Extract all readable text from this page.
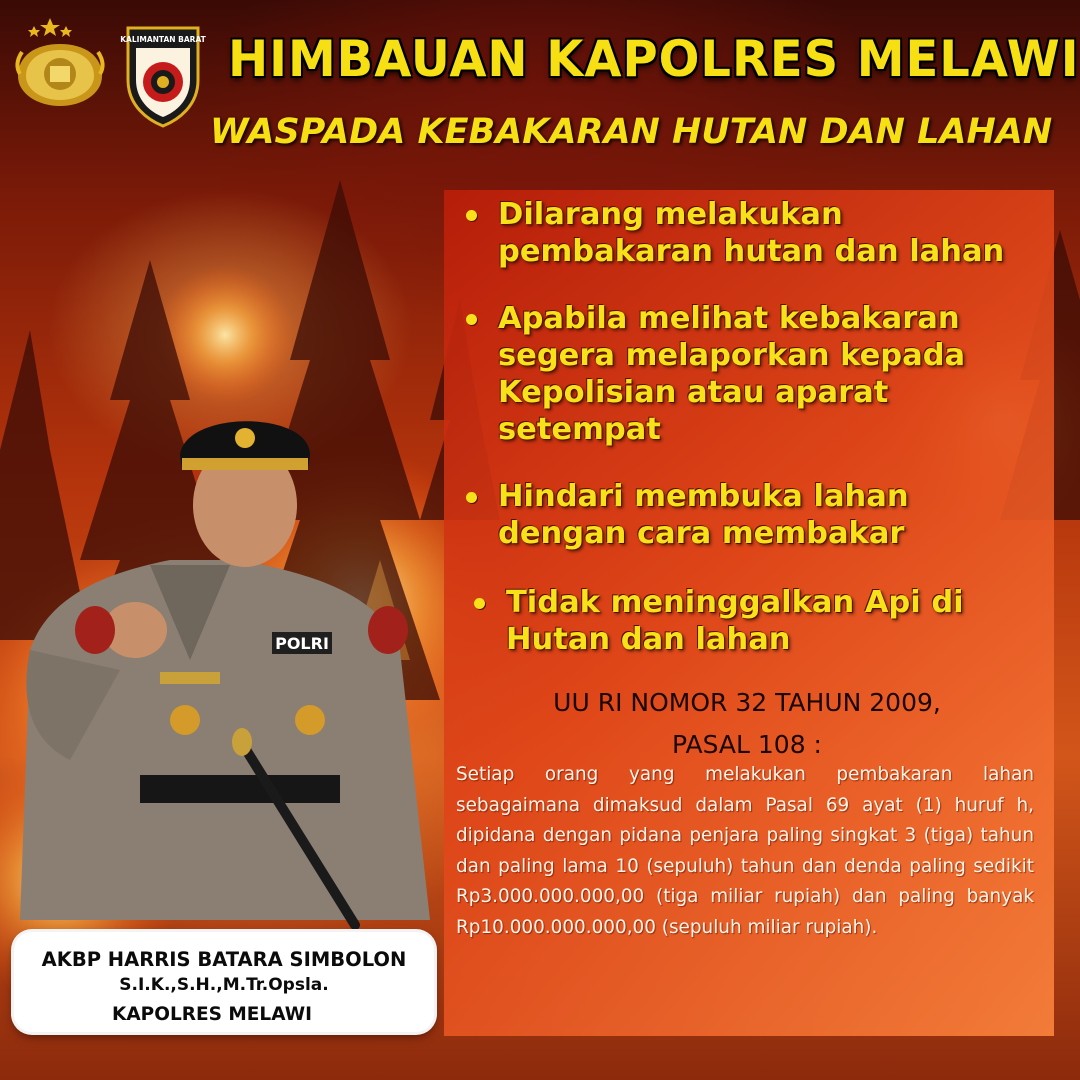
KALIMANTAN BARAT HIMBAUAN KAPOLRES MELAWI
WASPADA KEBAKARAN HUTAN DAN LAHAN
POLRI
AKBP HARRIS BATARA SIMBOLON
S.I.K.,S.H.,M.Tr.Opsla.
KAPOLRES MELAWI
Dilarang melakukan
pembakaran hutan dan lahan
Apabila melihat kebakaran
segera melaporkan kepada
Kepolisian atau aparat
setempat
Hindari membuka lahan
dengan cara membakar
Tidak meninggalkan Api di
Hutan dan lahan
UU RI NOMOR 32 TAHUN 2009,
PASAL 108 :

Setiap orang yang melakukan pembakaran lahan sebagaimana dimaksud dalam Pasal 69 ayat (1) huruf h, dipidana dengan pidana penjara paling singkat 3 (tiga) tahun dan paling lama 10 (sepuluh) tahun dan denda paling sedikit Rp3.000.000.000,00 (tiga miliar rupiah) dan paling banyak Rp10.000.000.000,00 (sepuluh miliar rupiah).
